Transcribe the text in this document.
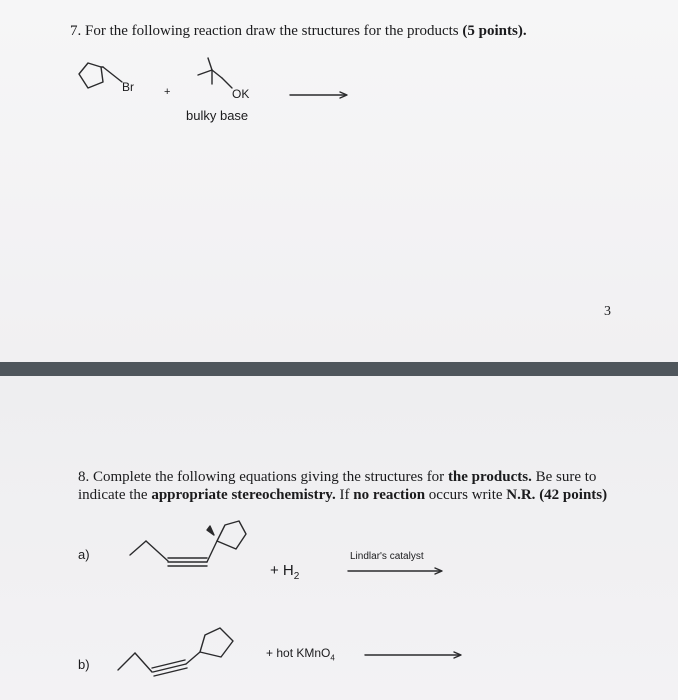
7. For the following reaction draw the structures for the products (5 points).
Br	+	OK
bulky base
3
8. Complete the following equations giving the structures for the products. Be sure to
indicate the appropriate stereochemistry. If no reaction occurs write N.R. (42 points)
a)
+ $H_2$
Lindlar's catalyst
b)
+ hot KMnO$_4$
